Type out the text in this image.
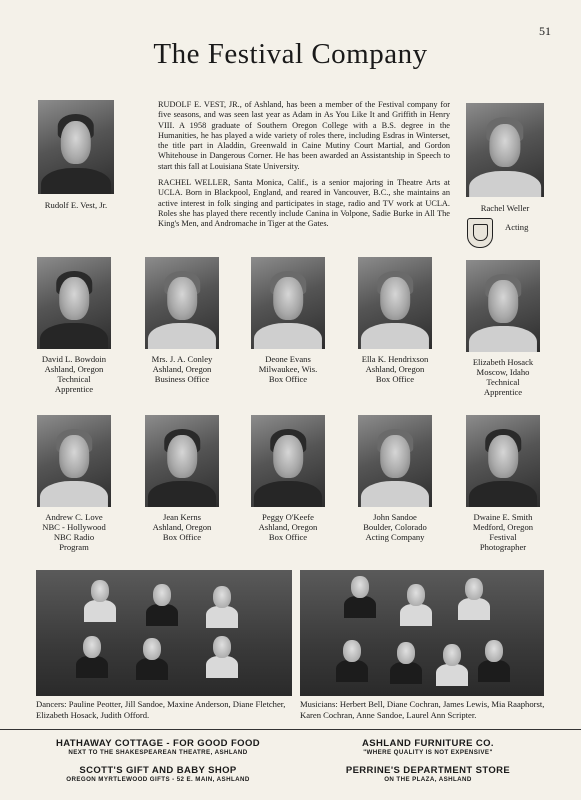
51
The Festival Company
Rudolf E. Vest, Jr.

RUDOLF E. VEST, JR., of Ashland, has been a member of the Festival company for five seasons, and was seen last year as Adam in As You Like It and Griffith in Henry VIII. A 1958 graduate of Southern Oregon College with a B.S. degree in the Humanities, he has played a wide variety of roles there, including Esdras in Winterset, the title part in Aladdin, Greenwald in Caine Mutiny Court Martial, and Gordon Whitehouse in Dangerous Corner. He has been awarded an Assistantship in Speech to start this fall at Louisiana State University.

RACHEL WELLER, Santa Monica, Calif., is a senior majoring in Theatre Arts at UCLA. Born in Blackpool, England, and reared in Vancouver, B.C., she maintains an active interest in folk singing and participates in stage, radio and TV work at UCLA. Roles she has played there recently include Canina in Volpone, Sadie Burke in All The King's Men, and Andromache in Tiger at the Gates.

Rachel Weller
Acting
David L. Bowdoin
Ashland, Oregon
Technical
Apprentice
Mrs. J. A. Conley
Ashland, Oregon
Business Office
Deone Evans
Milwaukee, Wis.
Box Office
Ella K. Hendrixson
Ashland, Oregon
Box Office
Elizabeth Hosack
Moscow, Idaho
Technical
Apprentice
Andrew C. Love
NBC - Hollywood
NBC Radio
Program
Jean Kerns
Ashland, Oregon
Box Office
Peggy O'Keefe
Ashland, Oregon
Box Office
John Sandoe
Boulder, Colorado
Acting Company
Dwaine E. Smith
Medford, Oregon
Festival
Photographer
Dancers: Pauline Peotter, Jill Sandoe, Maxine Anderson, Diane Fletcher, Elizabeth Hosack, Judith Offord.
Musicians: Herbert Bell, Diane Cochran, James Lewis, Mia Raaphorst, Karen Cochran, Anne Sandoe, Laurel Ann Scripter.
HATHAWAY COTTAGE - FOR GOOD FOOD
NEXT TO THE SHAKESPEAREAN THEATRE, ASHLAND
SCOTT'S GIFT AND BABY SHOP
OREGON MYRTLEWOOD GIFTS - 52 E. MAIN, ASHLAND
ASHLAND FURNITURE CO.
"WHERE QUALITY IS NOT EXPENSIVE"
PERRINE'S DEPARTMENT STORE
ON THE PLAZA, ASHLAND
